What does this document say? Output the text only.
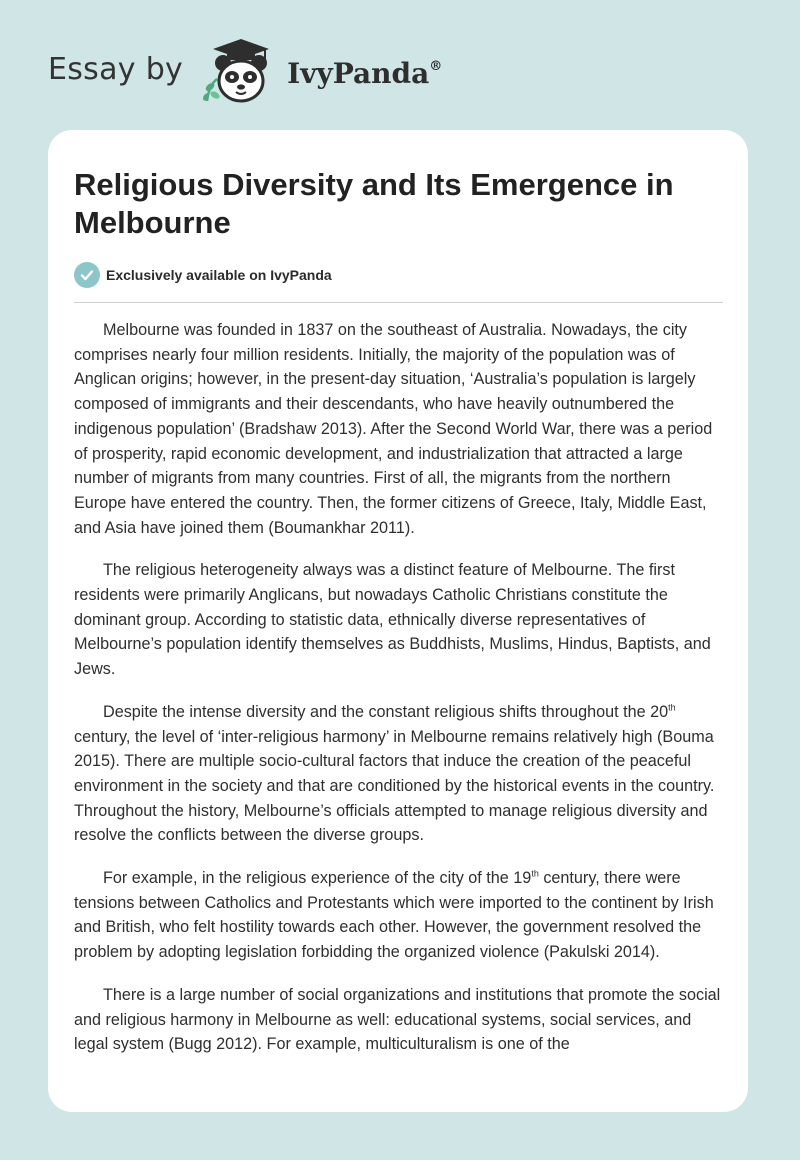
Essay by	IvyPanda®
Religious Diversity and Its Emergence in Melbourne
Exclusively available on IvyPanda

Melbourne was founded in 1837 on the southeast of Australia. Nowadays, the city comprises nearly four million residents. Initially, the majority of the population was of Anglican origins; however, in the present-day situation, ‘Australia’s population is largely composed of immigrants and their descendants, who have heavily outnumbered the indigenous population’ (Bradshaw 2013). After the Second World War, there was a period of prosperity, rapid economic development, and industrialization that attracted a large number of migrants from many countries. First of all, the migrants from the northern Europe have entered the country. Then, the former citizens of Greece, Italy, Middle East, and Asia have joined them (Boumankhar 2011).

The religious heterogeneity always was a distinct feature of Melbourne. The first residents were primarily Anglicans, but nowadays Catholic Christians constitute the dominant group. According to statistic data, ethnically diverse representatives of Melbourne’s population identify themselves as Buddhists, Muslims, Hindus, Baptists, and Jews.

Despite the intense diversity and the constant religious shifts throughout the 20th century, the level of ‘inter-religious harmony’ in Melbourne remains relatively high (Bouma 2015). There are multiple socio-cultural factors that induce the creation of the peaceful environment in the society and that are conditioned by the historical events in the country. Throughout the history, Melbourne’s officials attempted to manage religious diversity and resolve the conflicts between the diverse groups.

For example, in the religious experience of the city of the 19th century, there were tensions between Catholics and Protestants which were imported to the continent by Irish and British, who felt hostility towards each other. However, the government resolved the problem by adopting legislation forbidding the organized violence (Pakulski 2014).

There is a large number of social organizations and institutions that promote the social and religious harmony in Melbourne as well: educational systems, social services, and legal system (Bugg 2012). For example, multiculturalism is one of the
